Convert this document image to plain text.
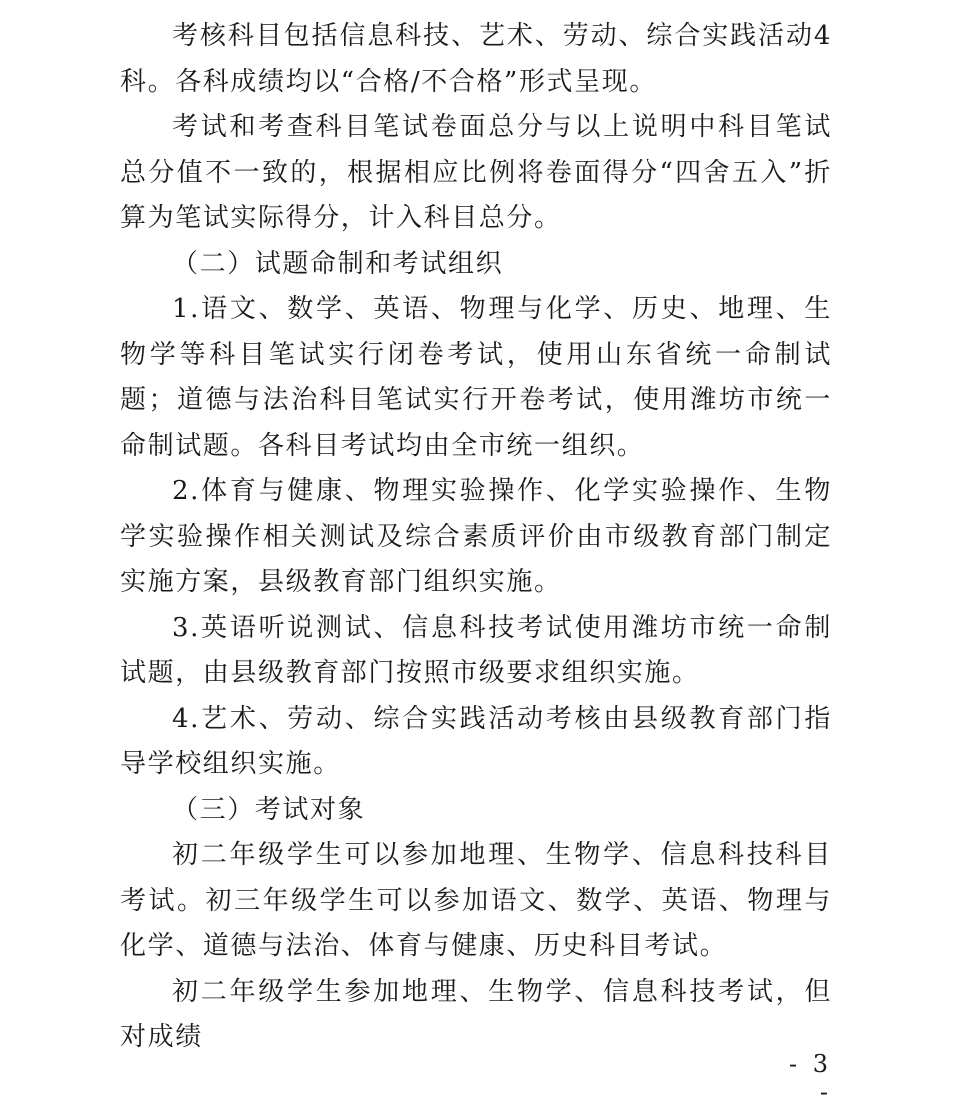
考核科目包括信息科技、艺术、劳动、综合实践活动4科。各科成绩均以“合格/不合格”形式呈现。

考试和考查科目笔试卷面总分与以上说明中科目笔试总分值不一致的，根据相应比例将卷面得分“四舍五入”折算为笔试实际得分，计入科目总分。

（二）试题命制和考试组织

1.语文、数学、英语、物理与化学、历史、地理、生物学等科目笔试实行闭卷考试，使用山东省统一命制试题；道德与法治科目笔试实行开卷考试，使用潍坊市统一命制试题。各科目考试均由全市统一组织。

2.体育与健康、物理实验操作、化学实验操作、生物学实验操作相关测试及综合素质评价由市级教育部门制定实施方案，县级教育部门组织实施。

3.英语听说测试、信息科技考试使用潍坊市统一命制试题，由县级教育部门按照市级要求组织实施。

4.艺术、劳动、综合实践活动考核由县级教育部门指导学校组织实施。

（三）考试对象

初二年级学生可以参加地理、生物学、信息科技科目考试。初三年级学生可以参加语文、数学、英语、物理与化学、道德与法治、体育与健康、历史科目考试。

初二年级学生参加地理、生物学、信息科技考试，但对成绩

- 3 -
